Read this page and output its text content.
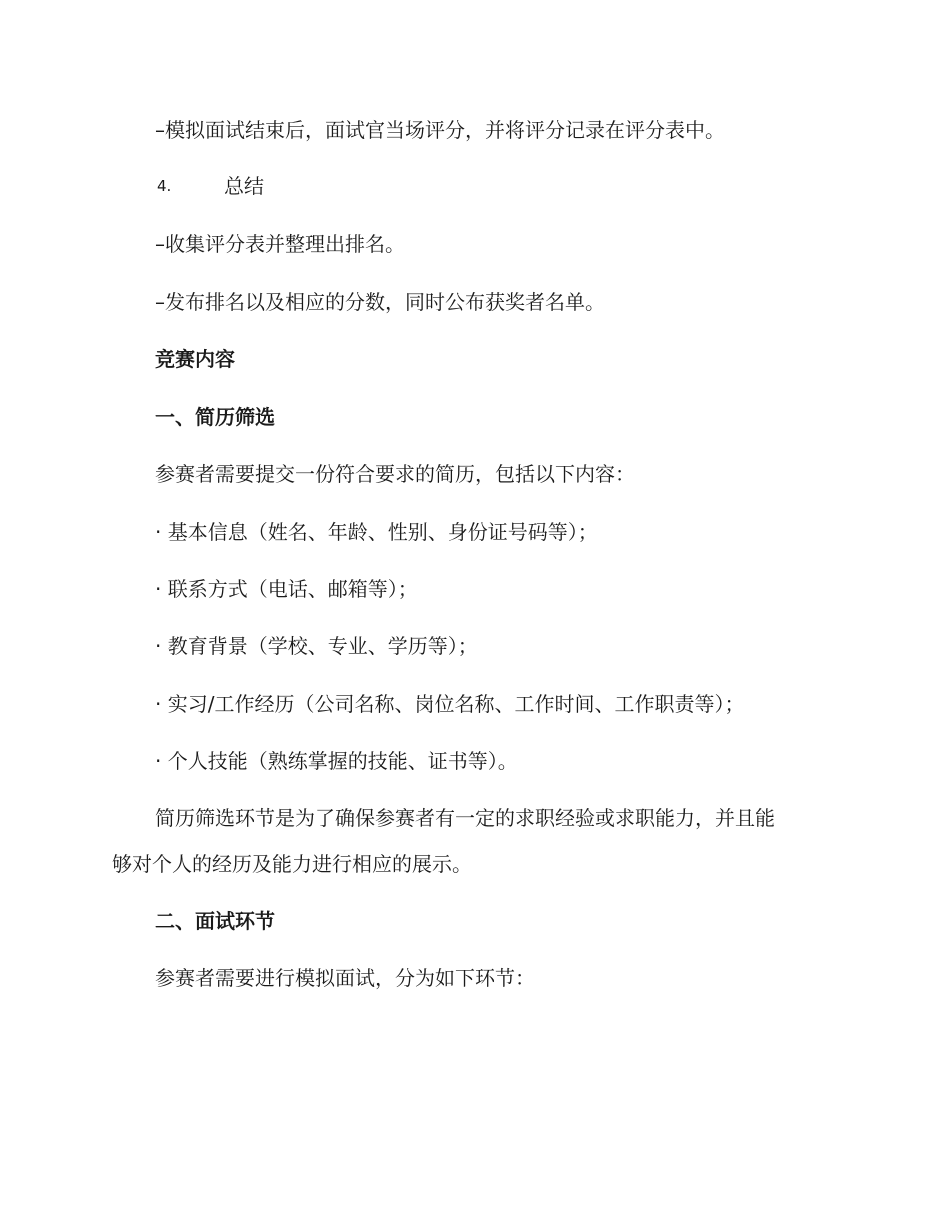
–模拟面试结束后，面试官当场评分，并将评分记录在评分表中。
4.	总结
–收集评分表并整理出排名。
–发布排名以及相应的分数，同时公布获奖者名单。
竞赛内容
一、简历筛选
参赛者需要提交一份符合要求的简历，包括以下内容：
· 基本信息（姓名、年龄、性别、身份证号码等）；
· 联系方式（电话、邮箱等）；
· 教育背景（学校、专业、学历等）；
· 实习/工作经历（公司名称、岗位名称、工作时间、工作职责等）；
· 个人技能（熟练掌握的技能、证书等）。
简历筛选环节是为了确保参赛者有一定的求职经验或求职能力，并且能
够对个人的经历及能力进行相应的展示。
二、面试环节
参赛者需要进行模拟面试，分为如下环节：
